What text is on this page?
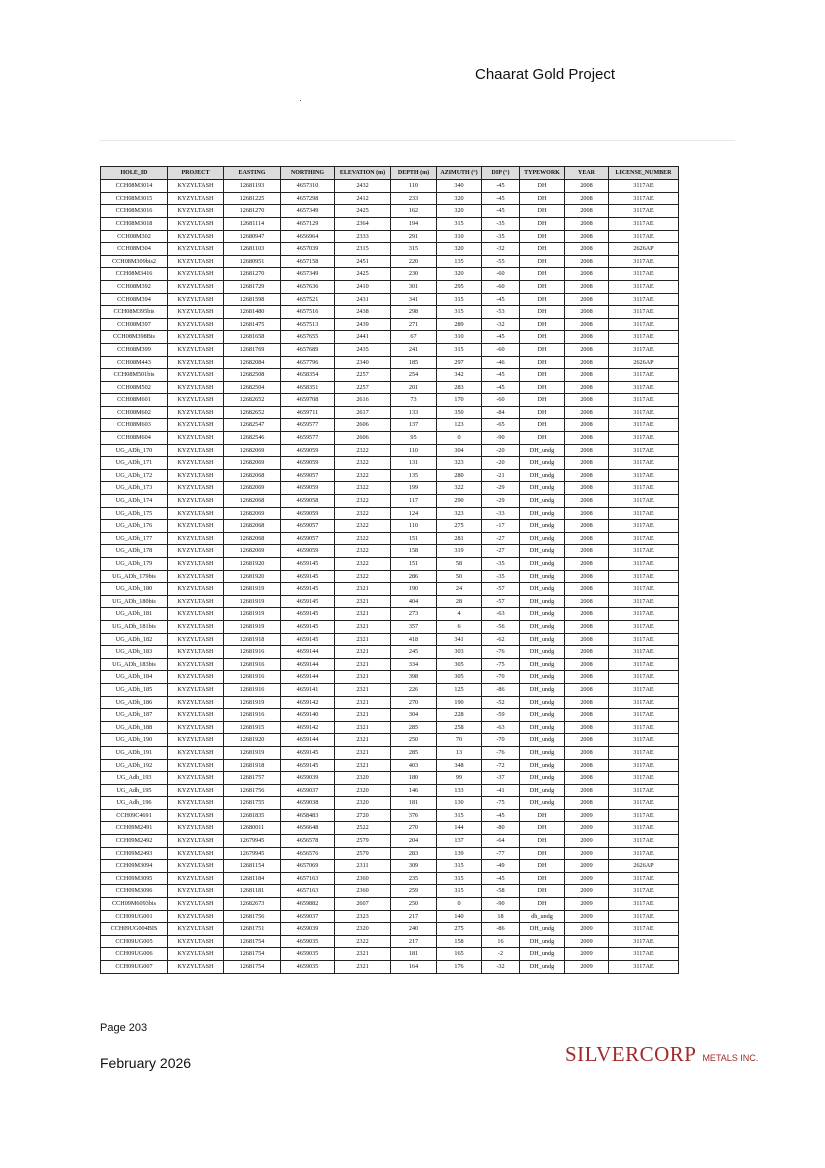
Chaarat Gold Project
HOLE_ID	PROJECT	EASTING	NORTHING	ELEVATION (m)	DEPTH (m)	AZIMUTH (°)	DIP (°)	TYPEWORK	YEAR	LICENSE_NUMBER
CCH08M3014	KYZYLTASH	12681193	4657310	2432	110	340	-45	DH	2008	3117AE
CCH08M3015	KYZYLTASH	12681225	4657298	2412	233	320	-45	DH	2008	3117AE
CCH08M3016	KYZYLTASH	12681270	4657349	2425	162	320	-45	DH	2008	3117AE
CCH08M3018	KYZYLTASH	12681114	4657129	2364	194	315	-35	DH	2008	3117AE
CCH08M302	KYZYLTASH	12680947	4656964	2333	291	310	-35	DH	2008	3117AE
CCH08M304	KYZYLTASH	12681103	4657039	2315	315	320	-32	DH	2008	2626AP
CCH08M309bis2	KYZYLTASH	12680951	4657158	2451	220	135	-55	DH	2008	3117AE
CCH08M3416	KYZYLTASH	12681270	4657349	2425	230	320	-60	DH	2008	3117AE
CCH08M392	KYZYLTASH	12681729	4657636	2410	301	295	-60	DH	2008	3117AE
CCH08M394	KYZYLTASH	12681598	4657521	2431	341	315	-45	DH	2008	3117AE
CCH08M395bis	KYZYLTASH	12681480	4657516	2438	298	315	-53	DH	2008	3117AE
CCH08M397	KYZYLTASH	12681475	4657513	2439	271	289	-32	DH	2008	3117AE
CCH08M398Bis	KYZYLTASH	12681658	4657655	2441	67	310	-45	DH	2008	3117AE
CCH08M399	KYZYLTASH	12681769	4657689	2435	241	315	-60	DH	2008	3117AE
CCH08M443	KYZYLTASH	12682084	4657796	2340	185	297	-46	DH	2008	2626AP
CCH08M501bis	KYZYLTASH	12682508	4658354	2257	254	342	-45	DH	2008	3117AE
CCH08M502	KYZYLTASH	12682504	4658351	2257	201	283	-45	DH	2008	3117AE
CCH08M601	KYZYLTASH	12682652	4659708	2616	73	170	-60	DH	2008	3117AE
CCH08M602	KYZYLTASH	12682652	4659711	2617	133	350	-84	DH	2008	3117AE
CCH08M603	KYZYLTASH	12682547	4659577	2606	137	123	-65	DH	2008	3117AE
CCH08M604	KYZYLTASH	12682546	4659577	2606	95	0	-90	DH	2008	3117AE
UG_ADh_170	KYZYLTASH	12682069	4659059	2322	110	304	-20	DH_undg	2008	3117AE
UG_ADh_171	KYZYLTASH	12682069	4659059	2322	131	323	-20	DH_undg	2008	3117AE
UG_ADh_172	KYZYLTASH	12682068	4659057	2322	135	280	-21	DH_undg	2008	3117AE
UG_ADh_173	KYZYLTASH	12682069	4659059	2322	199	322	-29	DH_undg	2008	3117AE
UG_ADh_174	KYZYLTASH	12682068	4659058	2322	117	290	-29	DH_undg	2008	3117AE
UG_ADh_175	KYZYLTASH	12682069	4659059	2322	124	323	-33	DH_undg	2008	3117AE
UG_ADh_176	KYZYLTASH	12682068	4659057	2322	110	275	-17	DH_undg	2008	3117AE
UG_ADh_177	KYZYLTASH	12682068	4659057	2322	151	281	-27	DH_undg	2008	3117AE
UG_ADh_178	KYZYLTASH	12682069	4659059	2322	158	319	-27	DH_undg	2008	3117AE
UG_ADh_179	KYZYLTASH	12681920	4659145	2322	151	58	-35	DH_undg	2008	3117AE
UG_ADh_179bis	KYZYLTASH	12681920	4659145	2322	286	50	-35	DH_undg	2008	3117AE
UG_ADh_180	KYZYLTASH	12681919	4659145	2321	190	24	-57	DH_undg	2008	3117AE
UG_ADh_180bis	KYZYLTASH	12681919	4659145	2321	404	28	-57	DH_undg	2008	3117AE
UG_ADh_181	KYZYLTASH	12681919	4659145	2321	273	4	-63	DH_undg	2008	3117AE
UG_ADh_181bis	KYZYLTASH	12681919	4659145	2321	357	6	-56	DH_undg	2008	3117AE
UG_ADh_182	KYZYLTASH	12681918	4659145	2321	418	341	-62	DH_undg	2008	3117AE
UG_ADh_183	KYZYLTASH	12681916	4659144	2321	245	303	-76	DH_undg	2008	3117AE
UG_ADh_183bis	KYZYLTASH	12681916	4659144	2321	334	305	-75	DH_undg	2008	3117AE
UG_ADh_184	KYZYLTASH	12681916	4659144	2321	398	305	-70	DH_undg	2008	3117AE
UG_ADh_185	KYZYLTASH	12681916	4659141	2321	226	125	-86	DH_undg	2008	3117AE
UG_ADh_186	KYZYLTASH	12681919	4659142	2321	270	190	-52	DH_undg	2008	3117AE
UG_ADh_187	KYZYLTASH	12681916	4659140	2321	304	228	-59	DH_undg	2008	3117AE
UG_ADh_188	KYZYLTASH	12681915	4659142	2321	285	258	-63	DH_undg	2008	3117AE
UG_ADh_190	KYZYLTASH	12681920	4659144	2321	250	70	-70	DH_undg	2008	3117AE
UG_ADh_191	KYZYLTASH	12681919	4659145	2321	285	13	-76	DH_undg	2008	3117AE
UG_ADh_192	KYZYLTASH	12681918	4659145	2321	403	348	-72	DH_undg	2008	3117AE
UG_Adh_193	KYZYLTASH	12681757	4659039	2320	180	99	-37	DH_undg	2008	3117AE
UG_Adh_195	KYZYLTASH	12681756	4659037	2320	146	133	-41	DH_undg	2008	3117AE
UG_Adh_196	KYZYLTASH	12681755	4659038	2320	181	130	-75	DH_undg	2008	3117AE
CCH09C4691	KYZYLTASH	12681835	4658483	2720	376	315	-45	DH	2009	3117AE
CCH09M2491	KYZYLTASH	12680011	4656648	2522	270	144	-80	DH	2009	3117AE
CCH09M2492	KYZYLTASH	12679945	4656578	2579	204	137	-64	DH	2009	3117AE
CCH09M2493	KYZYLTASH	12679945	4656576	2579	283	139	-77	DH	2009	3117AE
CCH09M3094	KYZYLTASH	12681154	4657069	2311	309	315	-49	DH	2009	2626AP
CCH09M3095	KYZYLTASH	12681184	4657163	2360	235	315	-45	DH	2009	3117AE
CCH09M3096	KYZYLTASH	12681181	4657163	2360	259	315	-58	DH	2009	3117AE
CCH09M6093bis	KYZYLTASH	12682673	4659882	2607	250	0	-90	DH	2009	3117AE
CCH09UG001	KYZYLTASH	12681756	4659037	2323	217	140	18	dh_undg	2009	3117AE
CCH09UG004BIS	KYZYLTASH	12681751	4659039	2320	240	275	-86	DH_undg	2009	3117AE
CCH09UG005	KYZYLTASH	12681754	4659035	2322	217	158	16	DH_undg	2009	3117AE
CCH09UG006	KYZYLTASH	12681754	4659035	2321	181	165	-2	DH_undg	2009	3117AE
CCH09UG007	KYZYLTASH	12681754	4659035	2321	164	176	-32	DH_undg	2009	3117AE
Page 203
February 2026	SILVERCORP METALS INC.
